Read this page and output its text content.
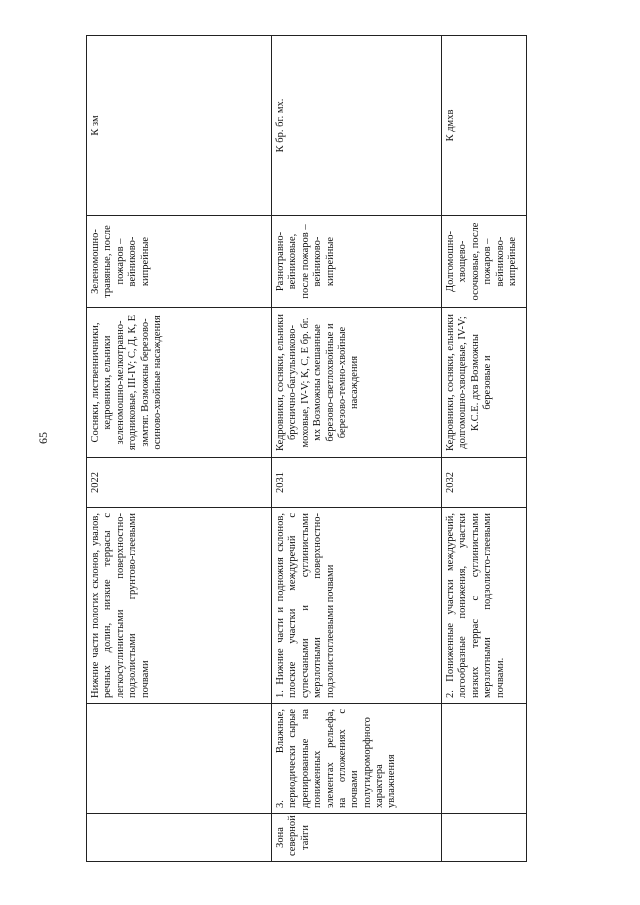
65
		Нижние части пологих склонов, увалов, речных долин, низкие террасы с легкосуглинистыми поверхностно-подзолистыми грунтово-глеевыми почвами	2022	Сосняки, лиственничники, кедровники, ельники зеленомошно-мелкотравно-ягодниковые, III-IV; С, Д, К, Е зммтяг. Возможны березово-осиново-хвойные насаждения	Зеленомошно-травяные, после пожаров – вейниково-кипрейные	К зм
Зона северной тайги	3. Влажные, периодически сырые дренированные на пониженных элементах рельефа, на отложениях с почвами полугидроморфного характера увлажнения	1. Нижние части и подножия склонов, плоские участки междуречий с супесчаными и суглинистыми мерзлотными поверхностно-подзолистоглеевыми почвами	2031	Кедровники, сосняки, ельники брусничнo-багульниково-моховые, IV-V; К, С, Е бр. бг. мх Возможны смешанные березово-светлохвойные и березово-темно-хвойные насаждения	Разнотравно-вейниковые, после пожаров – вейниково-кипрейные	К бр. бг. мх.
		2. Пониженные участки междуречий, логообразные понижения, участки низких террас с суглинистыми мерзлотными подзолисто-глеевыми почвами.	2032	Кедровники, сосняки, ельники долгомошно-хвощевые, IV-V; К.С.Е. дхв Возможны березовые и	Долгомошно-хвощево-осочковые, после пожаров – вейниково-кипрейные	К дмхв
